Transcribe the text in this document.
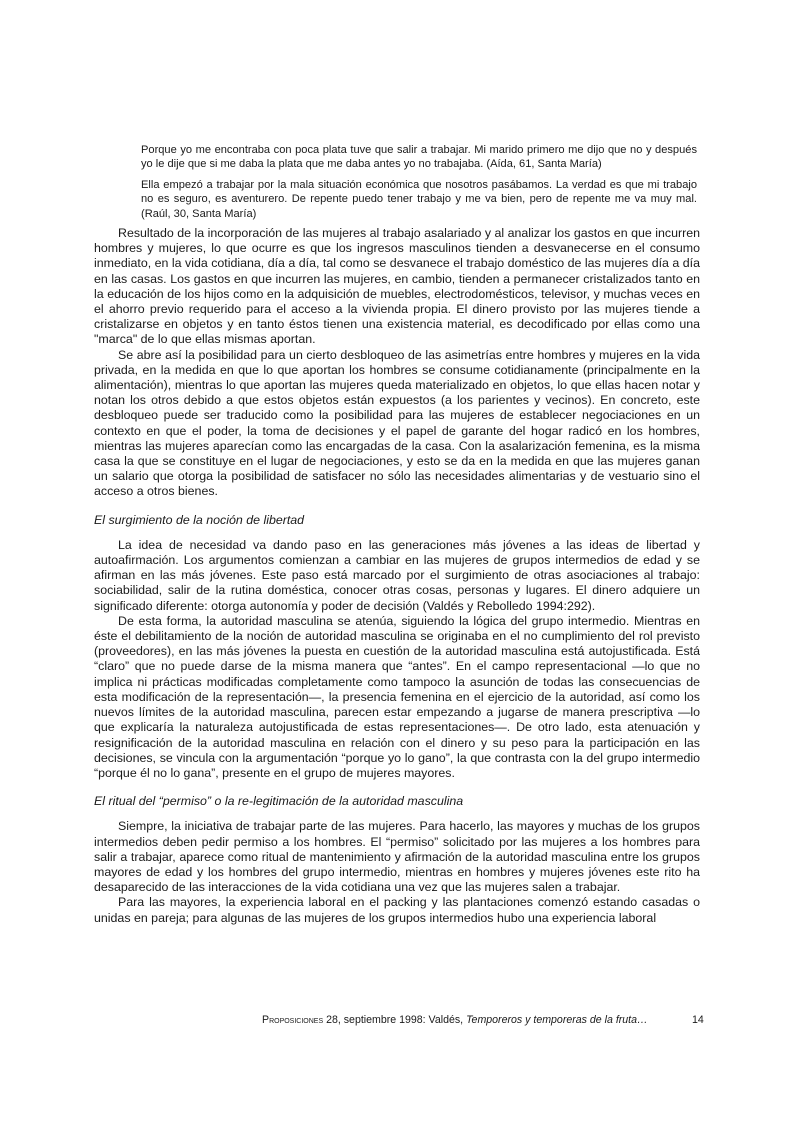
Porque yo me encontraba con poca plata tuve que salir a trabajar. Mi marido primero me dijo que no y después yo le dije que si me daba la plata que me daba antes yo no trabajaba. (Aída, 61, Santa María)

Ella empezó a trabajar por la mala situación económica que nosotros pasábamos. La verdad es que mi trabajo no es seguro, es aventurero. De repente puedo tener trabajo y me va bien, pero de repente me va muy mal. (Raúl, 30, Santa María)

Resultado de la incorporación de las mujeres al trabajo asalariado y al analizar los gastos en que incurren hombres y mujeres, lo que ocurre es que los ingresos masculinos tienden a desvanecerse en el consumo inmediato, en la vida cotidiana, día a día, tal como se desvanece el trabajo doméstico de las mujeres día a día en las casas. Los gastos en que incurren las mujeres, en cambio, tienden a permanecer cristalizados tanto en la educación de los hijos como en la adquisición de muebles, electrodomésticos, televisor, y muchas veces en el ahorro previo requerido para el acceso a la vivienda propia. El dinero provisto por las mujeres tiende a cristalizarse en objetos y en tanto éstos tienen una existencia material, es decodificado por ellas como una "marca" de lo que ellas mismas aportan.

Se abre así la posibilidad para un cierto desbloqueo de las asimetrías entre hombres y mujeres en la vida privada, en la medida en que lo que aportan los hombres se consume cotidianamente (principalmente en la alimentación), mientras lo que aportan las mujeres queda materializado en objetos, lo que ellas hacen notar y notan los otros debido a que estos objetos están expuestos (a los parientes y vecinos). En concreto, este desbloqueo puede ser traducido como la posibilidad para las mujeres de establecer negociaciones en un contexto en que el poder, la toma de decisiones y el papel de garante del hogar radicó en los hombres, mientras las mujeres aparecían como las encargadas de la casa. Con la asalarización femenina, es la misma casa la que se constituye en el lugar de negociaciones, y esto se da en la medida en que las mujeres ganan un salario que otorga la posibilidad de satisfacer no sólo las necesidades alimentarias y de vestuario sino el acceso a otros bienes.

El surgimiento de la noción de libertad

La idea de necesidad va dando paso en las generaciones más jóvenes a las ideas de libertad y autoafirmación. Los argumentos comienzan a cambiar en las mujeres de grupos intermedios de edad y se afirman en las más jóvenes. Este paso está marcado por el surgimiento de otras asociaciones al trabajo: sociabilidad, salir de la rutina doméstica, conocer otras cosas, personas y lugares. El dinero adquiere un significado diferente: otorga autonomía y poder de decisión (Valdés y Rebolledo 1994:292).

De esta forma, la autoridad masculina se atenúa, siguiendo la lógica del grupo intermedio. Mientras en éste el debilitamiento de la noción de autoridad masculina se originaba en el no cumplimiento del rol previsto (proveedores), en las más jóvenes la puesta en cuestión de la autoridad masculina está autojustificada. Está “claro” que no puede darse de la misma manera que “antes”. En el campo representacional —lo que no implica ni prácticas modificadas completamente como tampoco la asunción de todas las consecuencias de esta modificación de la representación—, la presencia femenina en el ejercicio de la autoridad, así como los nuevos límites de la autoridad masculina, parecen estar empezando a jugarse de manera prescriptiva —lo que explicaría la naturaleza autojustificada de estas representaciones—. De otro lado, esta atenuación y resignificación de la autoridad masculina en relación con el dinero y su peso para la participación en las decisiones, se vincula con la argumentación “porque yo lo gano”, la que contrasta con la del grupo intermedio “porque él no lo gana”, presente en el grupo de mujeres mayores.

El ritual del “permiso” o la re-legitimación de la autoridad masculina

Siempre, la iniciativa de trabajar parte de las mujeres. Para hacerlo, las mayores y muchas de los grupos intermedios deben pedir permiso a los hombres. El “permiso” solicitado por las mujeres a los hombres para salir a trabajar, aparece como ritual de mantenimiento y afirmación de la autoridad masculina entre los grupos mayores de edad y los hombres del grupo intermedio, mientras en hombres y mujeres jóvenes este rito ha desaparecido de las interacciones de la vida cotidiana una vez que las mujeres salen a trabajar.

Para las mayores, la experiencia laboral en el packing y las plantaciones comenzó estando casadas o unidas en pareja; para algunas de las mujeres de los grupos intermedios hubo una experiencia laboral

Proposiciones 28, septiembre 1998: Valdés, Temporeros y temporeras de la fruta…	14
